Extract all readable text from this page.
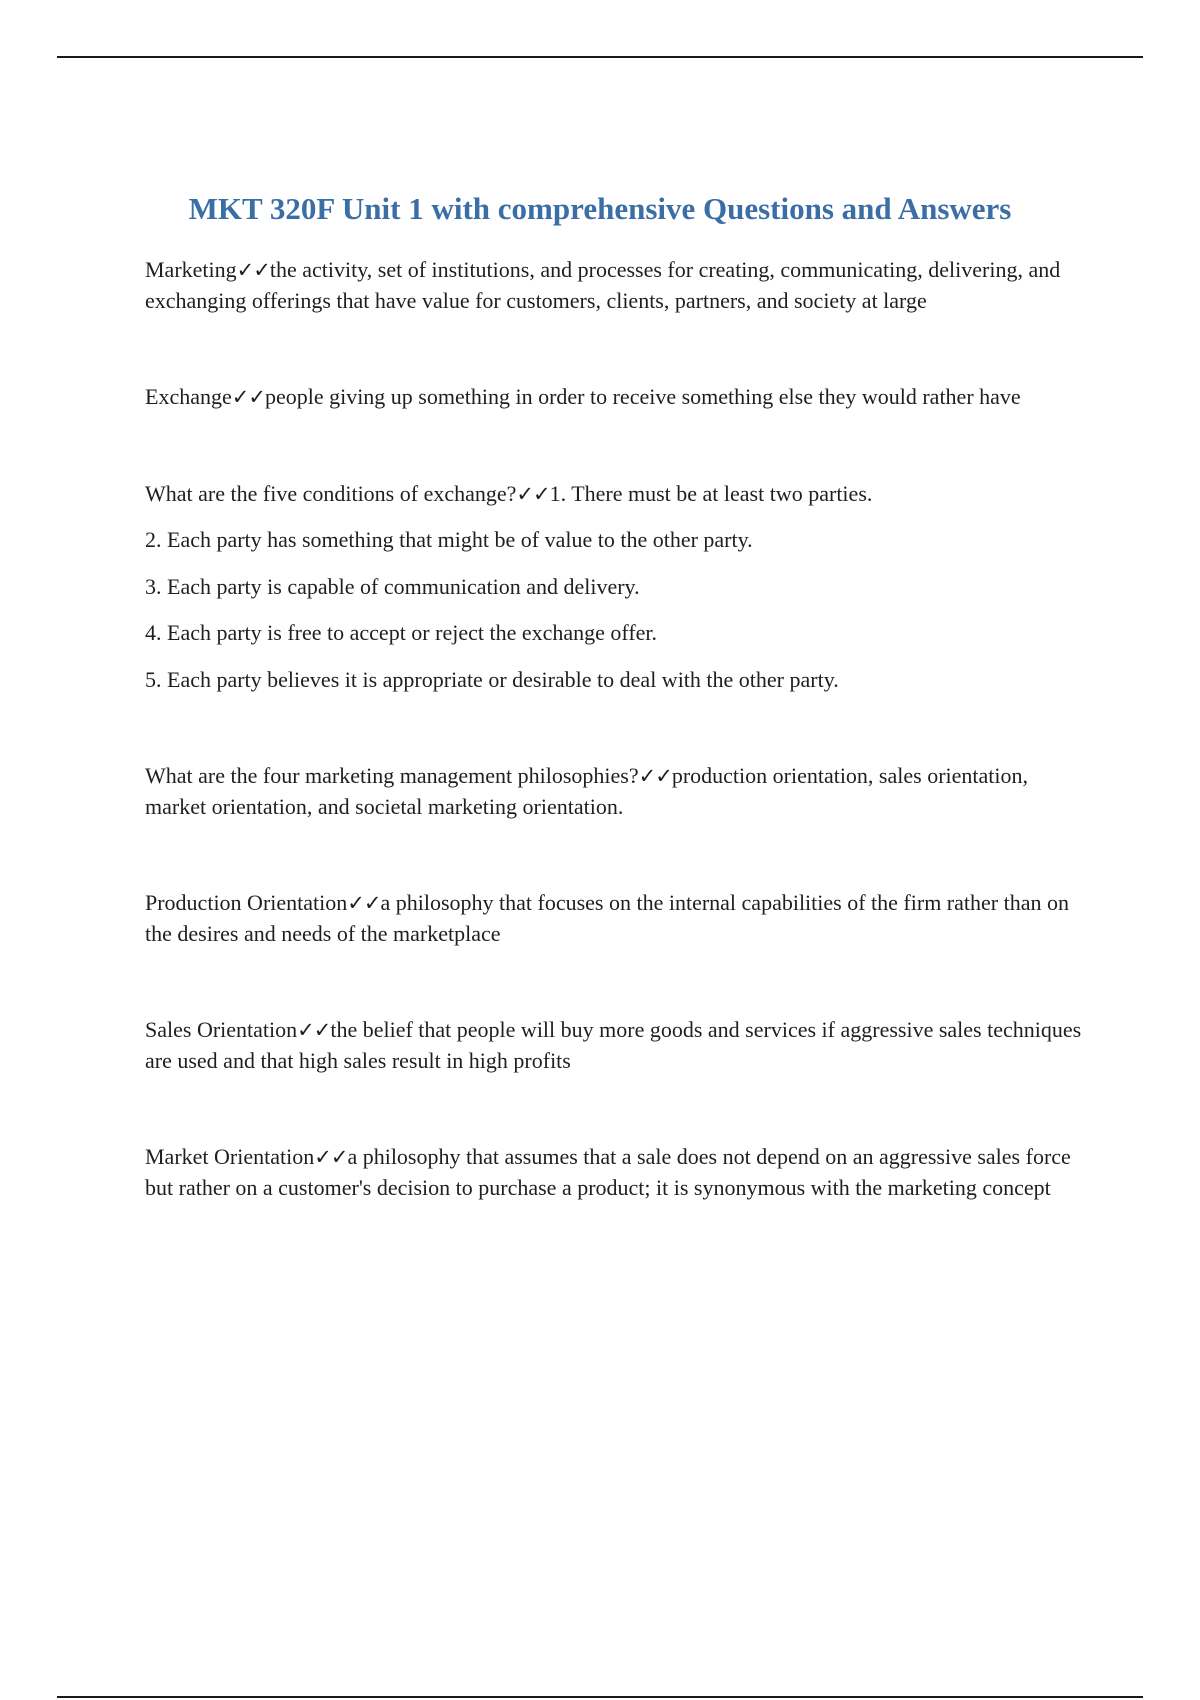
MKT 320F Unit 1 with comprehensive Questions and Answers

Marketing✓✓the activity, set of institutions, and processes for creating, communicating, delivering, and exchanging offerings that have value for customers, clients, partners, and society at large

Exchange✓✓people giving up something in order to receive something else they would rather have

What are the five conditions of exchange?✓✓1. There must be at least two parties.

2. Each party has something that might be of value to the other party.

3. Each party is capable of communication and delivery.

4. Each party is free to accept or reject the exchange offer.

5. Each party believes it is appropriate or desirable to deal with the other party.

What are the four marketing management philosophies?✓✓production orientation, sales orientation, market orientation, and societal marketing orientation.

Production Orientation✓✓a philosophy that focuses on the internal capabilities of the firm rather than on the desires and needs of the marketplace

Sales Orientation✓✓the belief that people will buy more goods and services if aggressive sales techniques are used and that high sales result in high profits

Market Orientation✓✓a philosophy that assumes that a sale does not depend on an aggressive sales force but rather on a customer's decision to purchase a product; it is synonymous with the marketing concept
